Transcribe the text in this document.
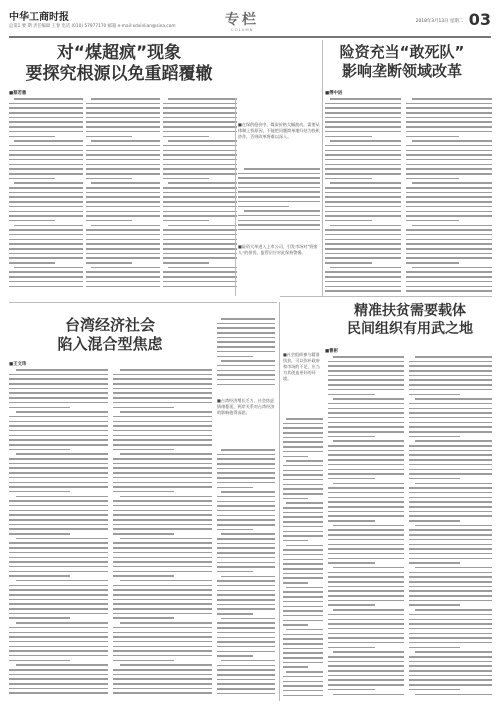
中华工商时报
总第1 要 期 责任编辑 王春 电话 (010) 57977170 邮箱 e-mail:xdxinlian@sina.com	专栏
COLUMN
2018年3月13日 星期二 03
对“煤超疯”现象
要探究根源以免重蹈覆辙
■蔡若愚
台湾经济社会
陷入混合型焦虑
■王文玮
■台湾经济增长乏力，社会焦虑情绪蔓延，两岸关系对台湾经济的影响值得深思。
险资充当“敢死队”
影响垄断领域改革
■在保供稳价中，煤炭价格大幅波动，需要从体制上找原因，不能把问题简单地归结为投机炒作，否则改革将难以深入。
■险资大举进入上市公司，引发市场对“野蛮人”的担忧，监管层应对此保持警惕。
■傅中进
精准扶贫需要载体
民间组织有用武之地
■曹彬
■社会组织参与精准扶贫，可以弥补政府和市场的不足，应当为其创造更好的环境。
